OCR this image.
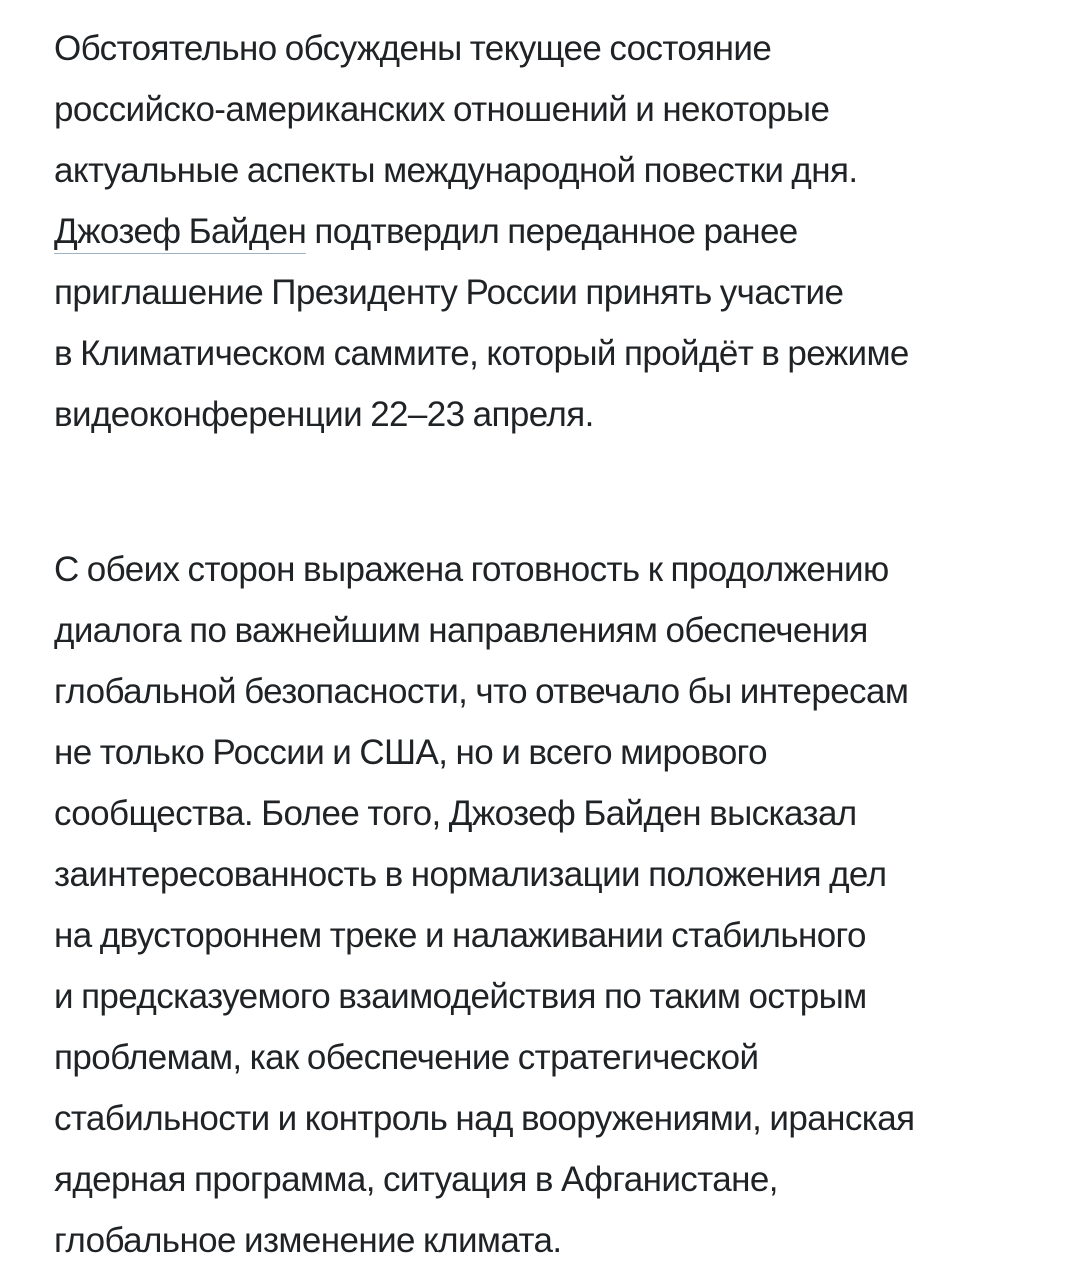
Обстоятельно обсуждены текущее состояние
российско-американских отношений и некоторые
актуальные аспекты международной повестки дня.
Джозеф Байден подтвердил переданное ранее
приглашение Президенту России принять участие
в Климатическом саммите, который пройдёт в режиме
видеоконференции 22–23 апреля.

С обеих сторон выражена готовность к продолжению
диалога по важнейшим направлениям обеспечения
глобальной безопасности, что отвечало бы интересам
не только России и США, но и всего мирового
сообщества. Более того, Джозеф Байден высказал
заинтересованность в нормализации положения дел
на двустороннем треке и налаживании стабильного
и предсказуемого взаимодействия по таким острым
проблемам, как обеспечение стратегической
стабильности и контроль над вооружениями, иранская
ядерная программа, ситуация в Афганистане,
глобальное изменение климата.
